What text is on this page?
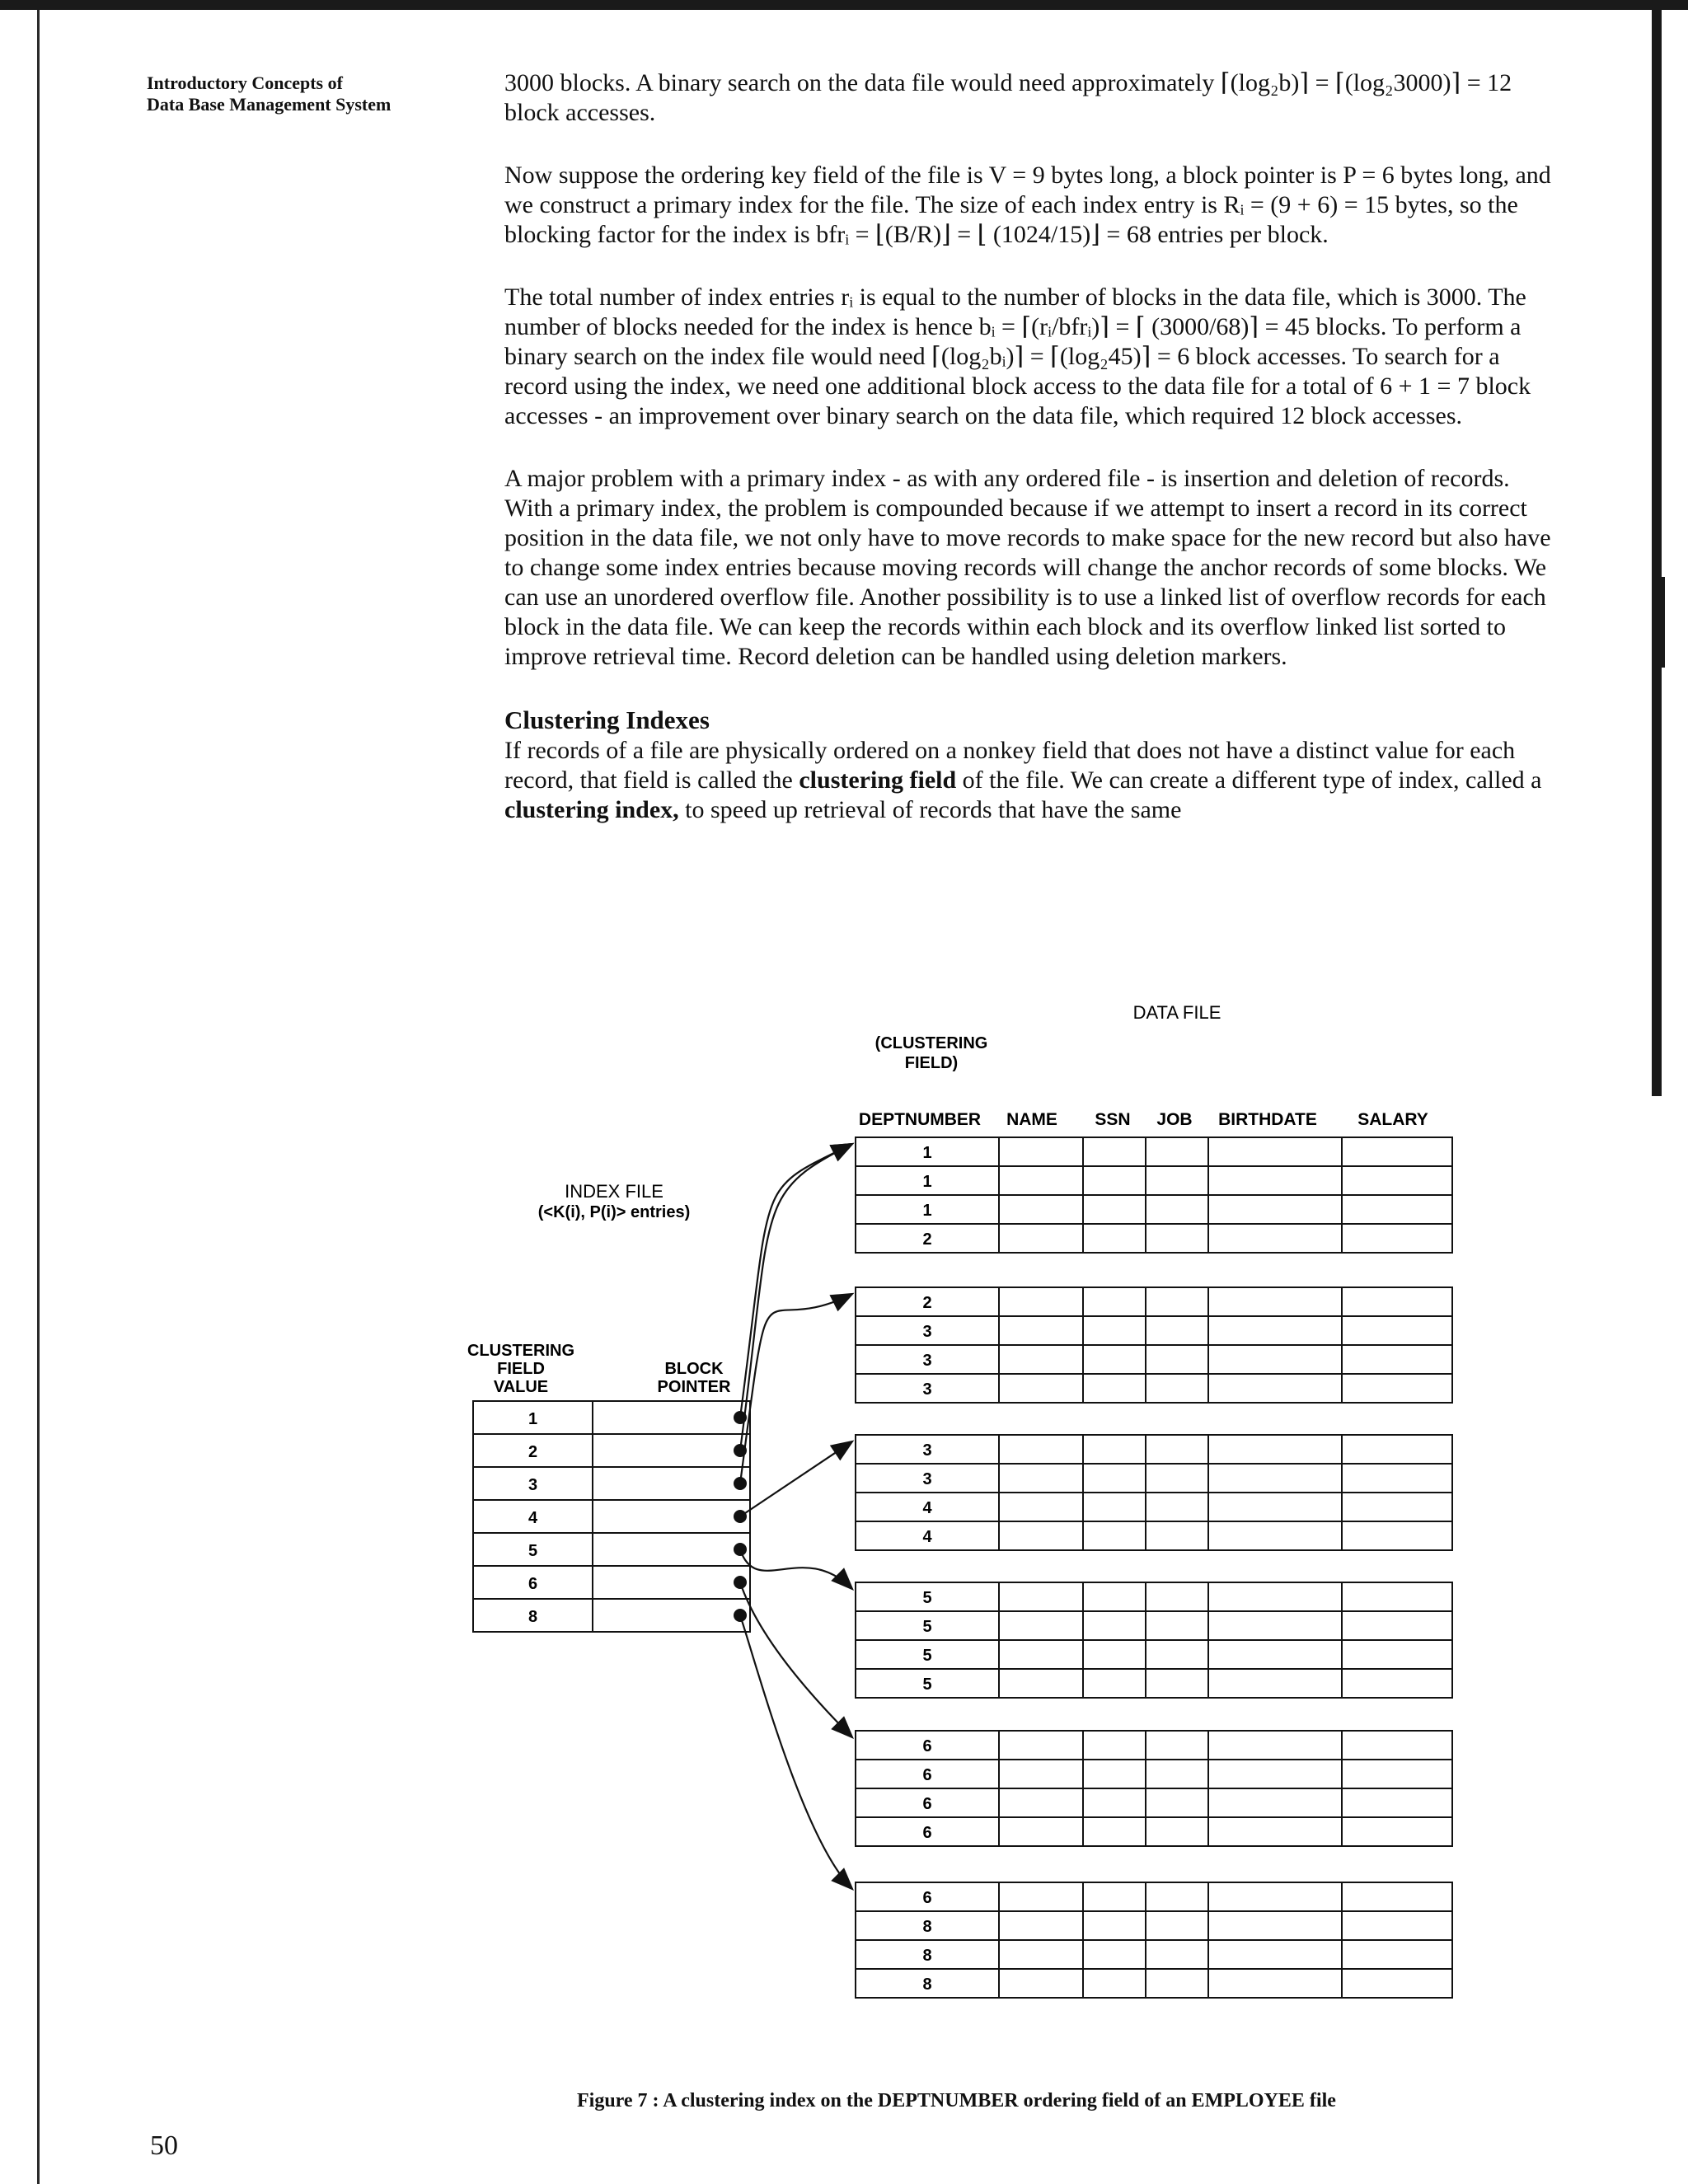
Introductory Concepts of
Data Base Management System

3000 blocks. A binary search on the data file would need approximately ⌈(log₂b)⌉ = ⌈(log₂3000)⌉ = 12 block accesses.

Now suppose the ordering key field of the file is V = 9 bytes long, a block pointer is P = 6 bytes long, and we construct a primary index for the file. The size of each index entry is Rᵢ = (9 + 6) = 15 bytes, so the blocking factor for the index is bfrᵢ = ⌊(B/R)⌋ = ⌊ (1024/15)⌋ = 68 entries per block.

The total number of index entries rᵢ is equal to the number of blocks in the data file, which is 3000. The number of blocks needed for the index is hence bᵢ = ⌈(rᵢ/bfrᵢ)⌉ = ⌈ (3000/68)⌉ = 45 blocks. To perform a binary search on the index file would need ⌈(log₂bᵢ)⌉ = ⌈(log₂45)⌉ = 6 block accesses. To search for a record using the index, we need one additional block access to the data file for a total of 6 + 1 = 7 block accesses - an improvement over binary search on the data file, which required 12 block accesses.

A major problem with a primary index - as with any ordered file - is insertion and deletion of records. With a primary index, the problem is compounded because if we attempt to insert a record in its correct position in the data file, we not only have to move records to make space for the new record but also have to change some index entries because moving records will change the anchor records of some blocks. We can use an unordered overflow file. Another possibility is to use a linked list of overflow records for each block in the data file. We can keep the records within each block and its overflow linked list sorted to improve retrieval time. Record deletion can be handled using deletion markers.

Clustering Indexes

If records of a file are physically ordered on a nonkey field that does not have a distinct value for each record, that field is called the clustering field of the file. We can create a different type of index, called a clustering index, to speed up retrieval of records that have the same

DATA FILE
(CLUSTERING
FIELD)
INDEX FILE
(<K(i), P(i)> entries)
CLUSTERING
FIELD
VALUE
BLOCK
POINTER
DEPTNUMBER NAME SSN JOB BIRTHDATE SALARY
1
2
3
4
5
6
8
1
1
1
2
2
3
3
3
3
3
4
4
5
5
5
5
6
6
6
6
6
8
8
8
Figure 7 : A clustering index on the DEPTNUMBER ordering field of an EMPLOYEE file
50
